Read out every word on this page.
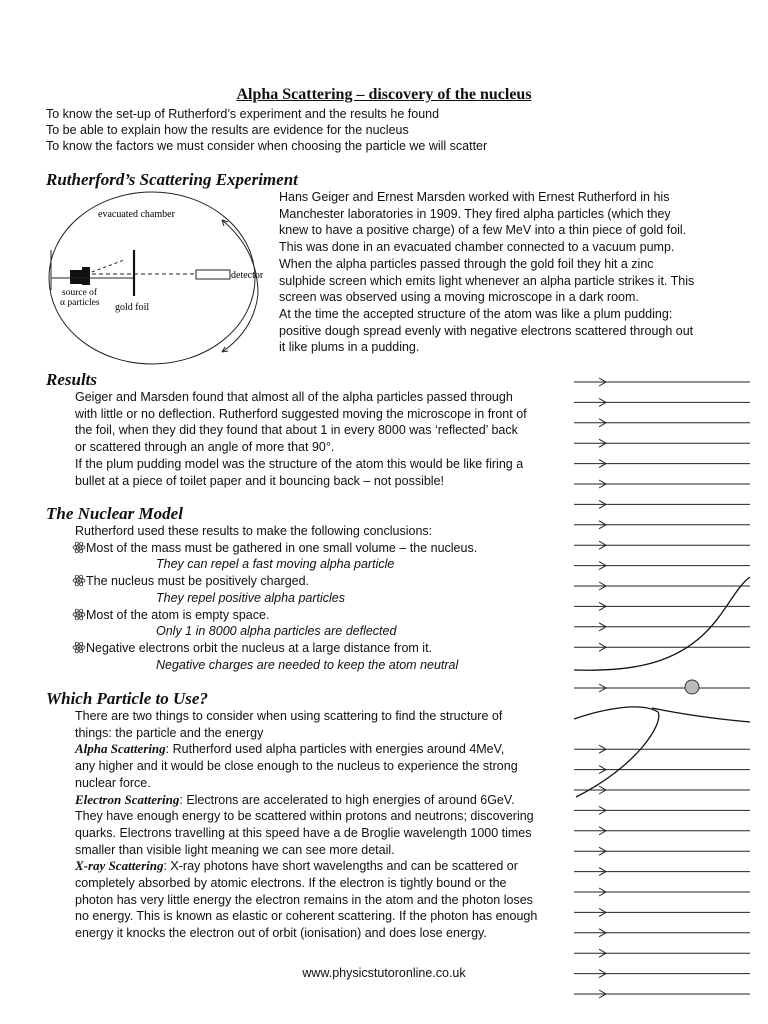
Alpha Scattering – discovery of the nucleus
To know the set-up of Rutherford’s experiment and the results he found
To be able to explain how the results are evidence for the nucleus
To know the factors we must consider when choosing the particle we will scatter
Rutherford’s Scattering Experiment
evacuated chamber
detector
source of
α particles gold foil
Hans Geiger and Ernest Marsden worked with Ernest Rutherford in his
Manchester laboratories in 1909. They fired alpha particles (which they
knew to have a positive charge) of a few MeV into a thin piece of gold foil.
This was done in an evacuated chamber connected to a vacuum pump.
When the alpha particles passed through the gold foil they hit a zinc
sulphide screen which emits light whenever an alpha particle strikes it. This
screen was observed using a moving microscope in a dark room.
At the time the accepted structure of the atom was like a plum pudding:
positive dough spread evenly with negative electrons scattered through out
it like plums in a pudding.
Results
Geiger and Marsden found that almost all of the alpha particles passed through
with little or no deflection. Rutherford suggested moving the microscope in front of
the foil, when they did they found that about 1 in every 8000 was ‘reflected’ back
or scattered through an angle of more that 90°.
If the plum pudding model was the structure of the atom this would be like firing a
bullet at a piece of toilet paper and it bouncing back – not possible!
The Nuclear Model
Rutherford used these results to make the following conclusions:
Most of the mass must be gathered in one small volume – the nucleus.
They can repel a fast moving alpha particle
The nucleus must be positively charged.
They repel positive alpha particles
Most of the atom is empty space.
Only 1 in 8000 alpha particles are deflected
Negative electrons orbit the nucleus at a large distance from it.
Negative charges are needed to keep the atom neutral
Which Particle to Use?
There are two things to consider when using scattering to find the structure of
things: the particle and the energy
Alpha Scattering: Rutherford used alpha particles with energies around 4MeV,
any higher and it would be close enough to the nucleus to experience the strong
nuclear force.
Electron Scattering: Electrons are accelerated to high energies of around 6GeV.
They have enough energy to be scattered within protons and neutrons; discovering
quarks. Electrons travelling at this speed have a de Broglie wavelength 1000 times
smaller than visible light meaning we can see more detail.
X-ray Scattering: X-ray photons have short wavelengths and can be scattered or
completely absorbed by atomic electrons. If the electron is tightly bound or the
photon has very little energy the electron remains in the atom and the photon loses
no energy. This is known as elastic or coherent scattering. If the photon has enough
energy it knocks the electron out of orbit (ionisation) and does lose energy.
www.physicstutoronline.co.uk
